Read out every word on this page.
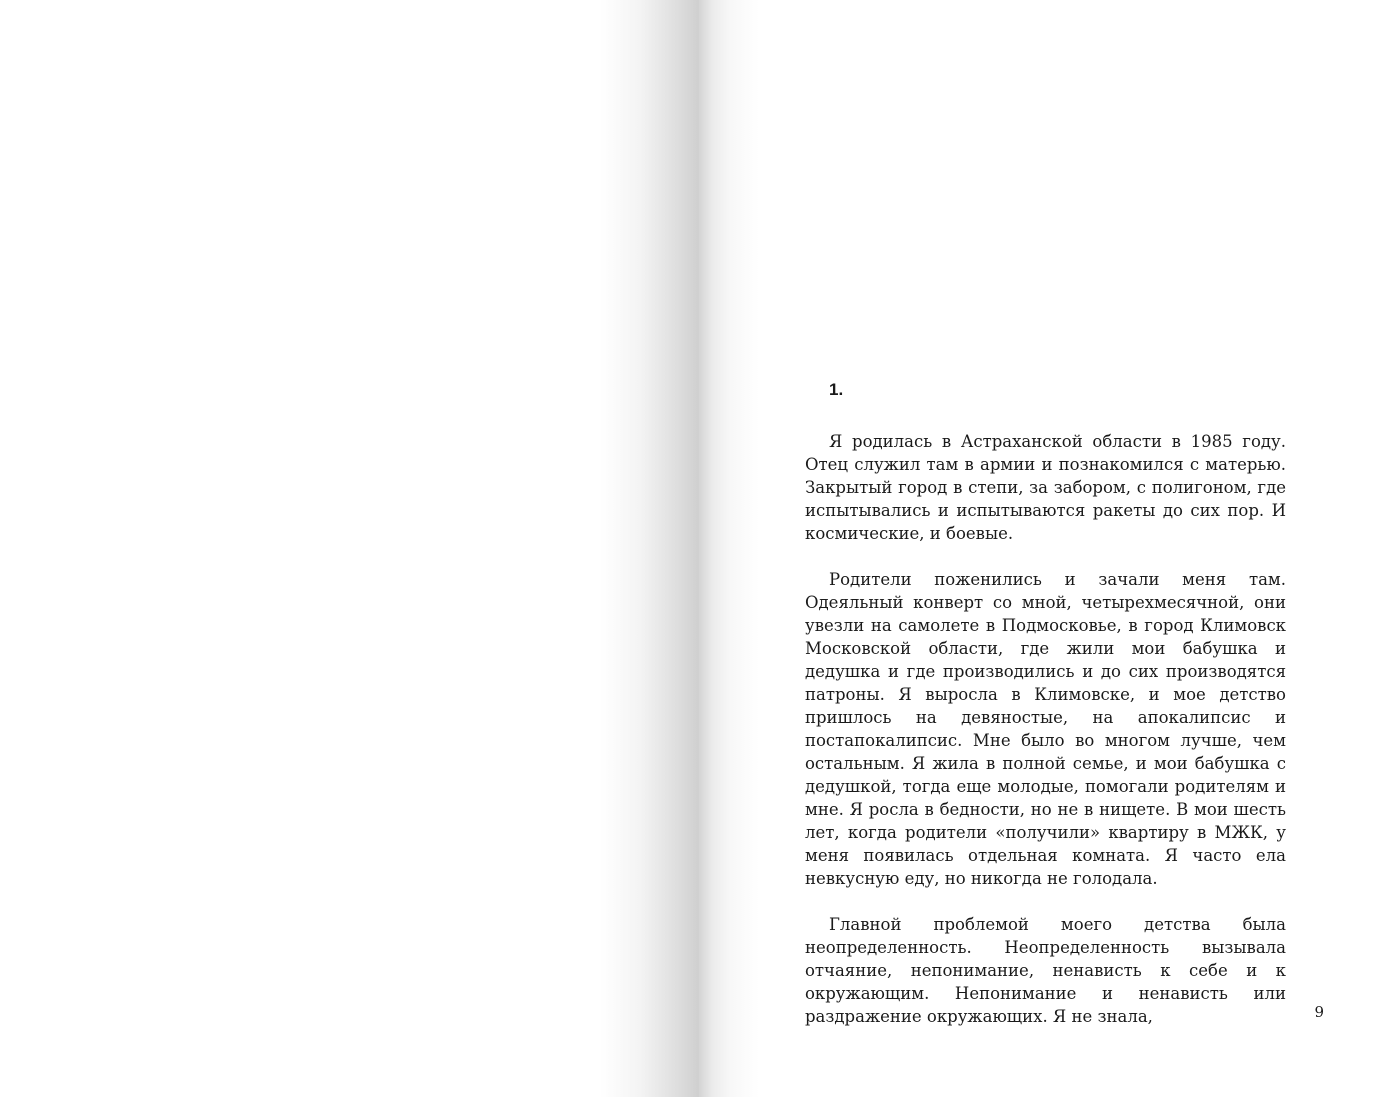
1.

Я родилась в Астраханской области в 1985 году. Отец служил там в армии и познакомился с матерью. Закрытый город в степи, за забором, с полигоном, где испытывались и испытываются ракеты до сих пор. И космические, и боевые.

Родители поженились и зачали меня там. Одеяльный конверт со мной, четырехмесячной, они увезли на самолете в Подмосковье, в город Климовск Московской области, где жили мои бабушка и дедушка и где производились и до сих производятся патроны. Я выросла в Климовске, и мое детство пришлось на девяностые, на апокалипсис и постапокалипсис. Мне было во многом лучше, чем остальным. Я жила в полной семье, и мои бабушка с дедушкой, тогда еще молодые, помогали родителям и мне. Я росла в бедности, но не в нищете. В мои шесть лет, когда родители «получили» квартиру в МЖК, у меня появилась отдельная комната. Я часто ела невкусную еду, но никогда не голодала.

Главной проблемой моего детства была неопределенность. Неопределенность вызывала отчаяние, непонимание, ненависть к себе и к окружающим. Непонимание и ненависть или раздражение окружающих. Я не знала,	9
